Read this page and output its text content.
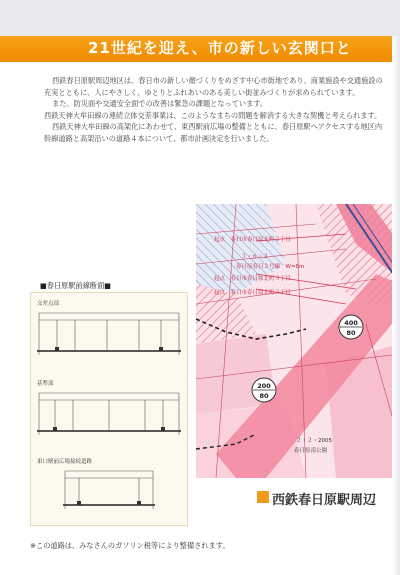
21世紀を迎え、市の新しい玄関口と

西鉄春日原駅周辺地区は、春日市の新しい顔づくりをめざす中心市街地であり、商業施設や交通施設の充実とともに、人にやさしく、ゆとりとふれあいのある美しい街並みづくりが求められています。

また、防災面や交通安全面での改善は緊急の課題となっています。

西鉄天神大牟田線の連続立体交差事業は、このようなまちの問題を解消する大きな契機と考えられます。

西鉄天神大牟田線の高架化にあわせて、東西駅前広場の整備とともに、春日原駅へアクセスする地区内幹線道路と高架沿いの道路４本について、都市計画決定を行いました。

起点　春日市春日原北町３丁目
３・６・２
春日原春日２号線　W=8m
起点　春日市春日原北町３丁目
起点　春日市春日原北町３丁目
400
80
200
80
２・２・2005
春日原南公園
■春日原駅前線断面■
交差点部
基準部
東口駅前広場接続道路
西鉄春日原駅周辺
※この道路は、みなさんのガソリン税等により整備されます。
